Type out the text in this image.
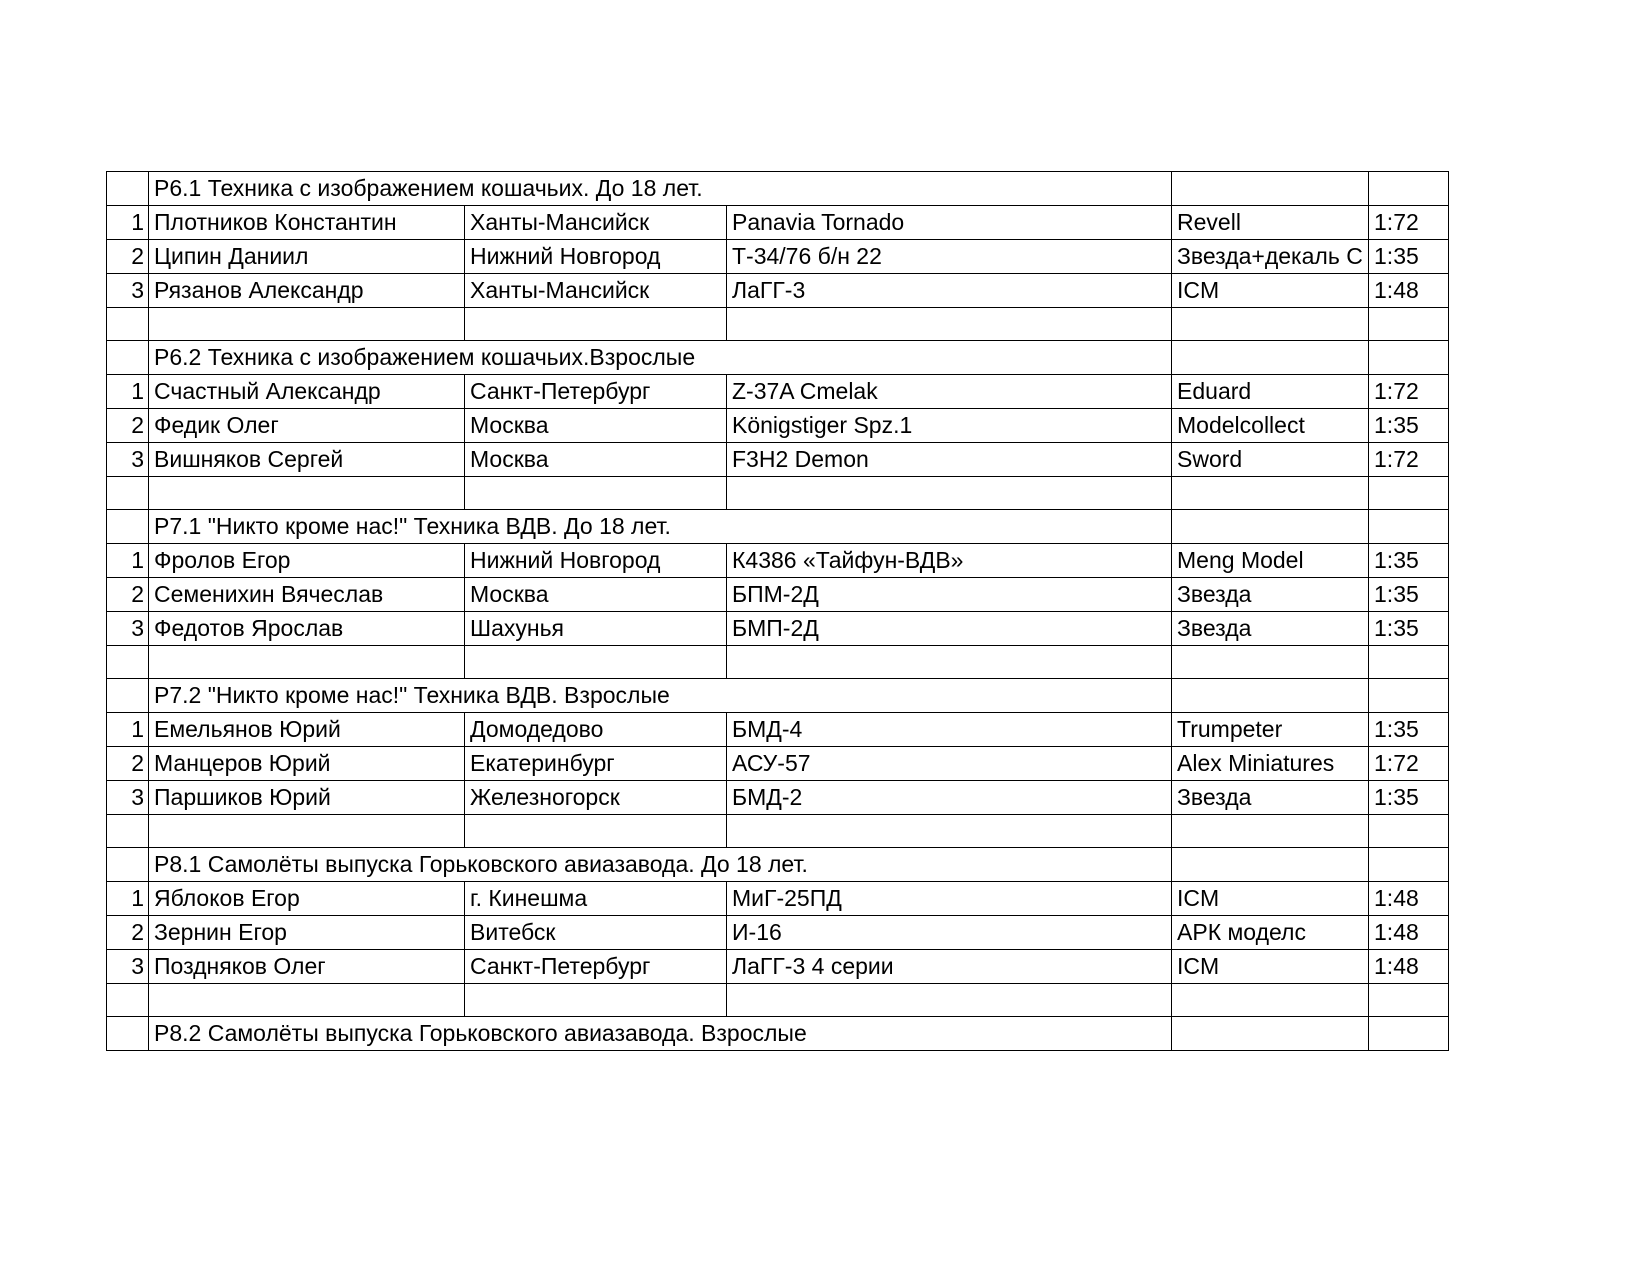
	Р6.1 Техника с изображением кошачьих. До 18 лет.				
1	Плотников Константин	Ханты-Мансийск	Panavia Tornado	Revell	1:72
2	Ципин Даниил	Нижний Новгород	Т-34/76 б/н 22	Звезда+декаль С	1:35
3	Рязанов Александр	Ханты-Мансийск	ЛаГГ-3	ICM	1:48

	Р6.2 Техника с изображением кошачьих.Взрослые				
1	Счастный Александр	Санкт-Петербург	Z-37A Cmelak	Eduard	1:72
2	Федик Олег	Москва	Königstiger Spz.1	Modelcollect	1:35
3	Вишняков Сергей	Москва	F3H2 Demon	Sword	1:72

	Р7.1 "Никто кроме нас!" Техника ВДВ. До 18 лет.				
1	Фролов Егор	Нижний Новгород	К4386 «Тайфун-ВДВ»	Meng Model	1:35
2	Семенихин Вячеслав	Москва	БПМ-2Д	Звезда	1:35
3	Федотов Ярослав	Шахунья	БМП-2Д	Звезда	1:35

	Р7.2 "Никто кроме нас!" Техника ВДВ. Взрослые				
1	Емельянов Юрий	Домодедово	БМД-4	Trumpeter	1:35
2	Манцеров Юрий	Екатеринбург	АСУ-57	Alex Miniatures	1:72
3	Паршиков Юрий	Железногорск	БМД-2	Звезда	1:35

	Р8.1 Самолёты выпуска Горьковского авиазавода. До 18 лет.				
1	Яблоков Егор	г. Кинешма	МиГ-25ПД	ICM	1:48
2	Зернин Егор	Витебск	И-16	АРК моделс	1:48
3	Поздняков Олег	Санкт-Петербург	ЛаГГ-3 4 серии	ICM	1:48

	Р8.2 Самолёты выпуска Горьковского авиазавода. Взрослые				
